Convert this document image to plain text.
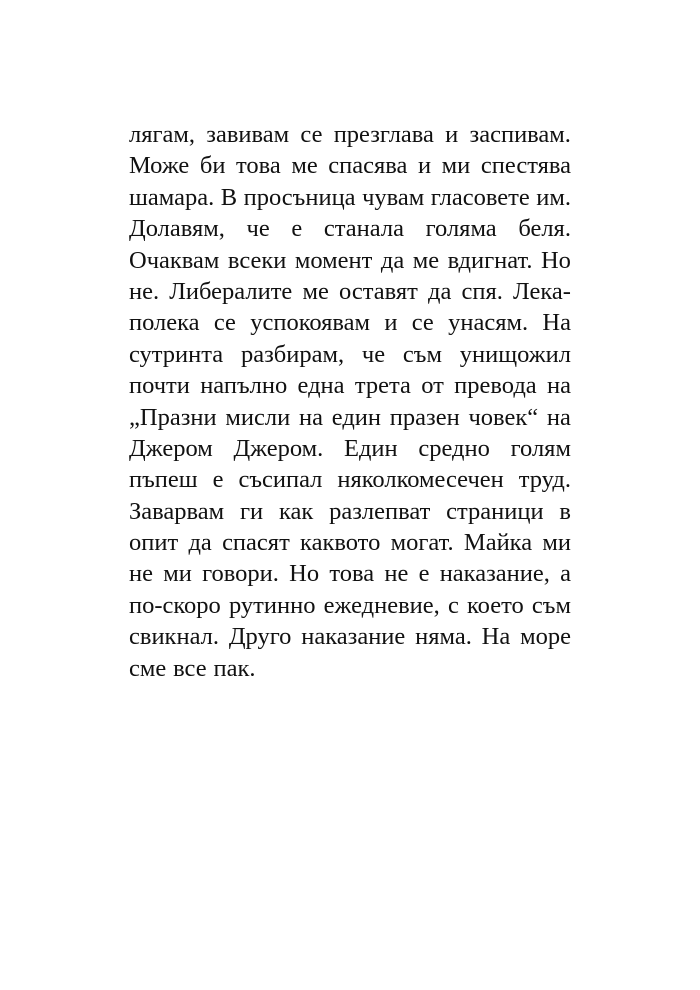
лягам, завивам се презглава и заспивам.
Може би това ме спасява и ми спестява
шамара. В просъница чувам гласовете им.
Долавям, че е станала голяма беля.
Очаквам всеки момент да ме вдигнат. Но
не. Либералите ме оставят да спя. Лека-
полека се успокоявам и се унасям. На
сутринта разбирам, че съм унищожил
почти напълно една трета от превода на
„Празни мисли на един празен човек“ на
Джером Джером. Един средно голям
пъпеш е съсипал няколкомесечен труд.
Заварвам ги как разлепват страници в
опит да спасят каквото могат. Майка ми
не ми говори. Но това не е наказание, а
по-скоро рутинно ежедневие, с което съм
свикнал. Друго наказание няма. На море
сме все пак.
